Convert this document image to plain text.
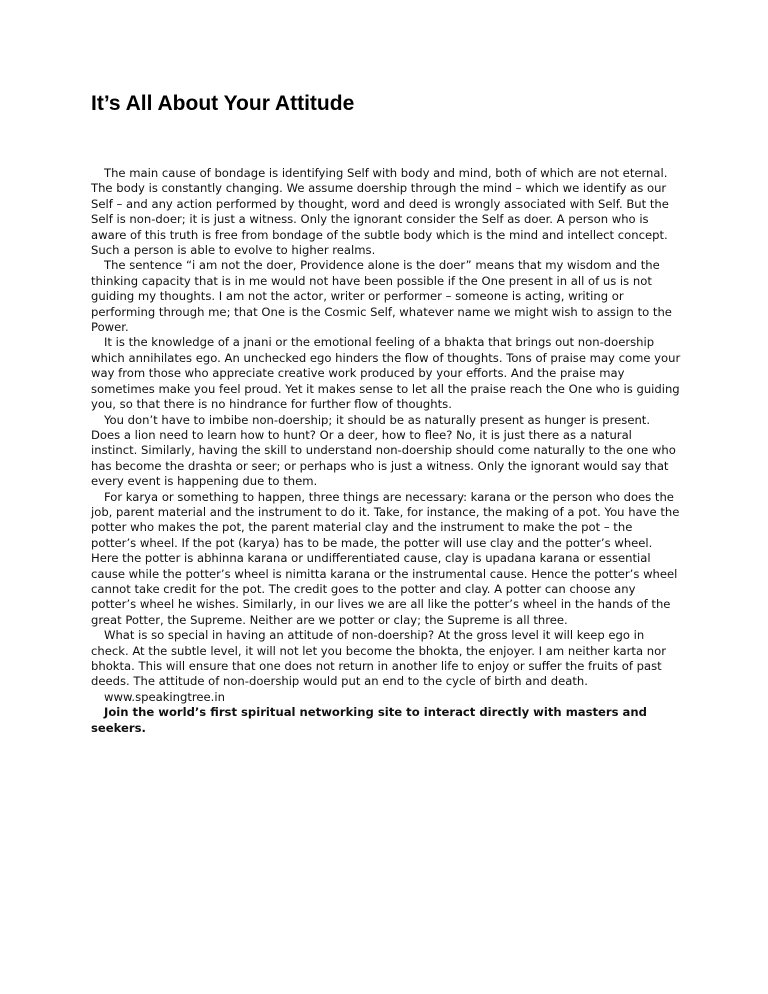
It’s All About Your Attitude

The main cause of bondage is identifying Self with body and mind, both of which are not eternal. The body is constantly changing. We assume doership through the mind – which we identify as our Self – and any action performed by thought, word and deed is wrongly associated with Self. But the Self is non-doer; it is just a witness. Only the ignorant consider the Self as doer. A person who is aware of this truth is free from bondage of the subtle body which is the mind and intellect concept. Such a person is able to evolve to higher realms.

The sentence “i am not the doer, Providence alone is the doer” means that my wisdom and the thinking capacity that is in me would not have been possible if the One present in all of us is not guiding my thoughts. I am not the actor, writer or performer – someone is acting, writing or performing through me; that One is the Cosmic Self, whatever name we might wish to assign to the Power.

It is the knowledge of a jnani or the emotional feeling of a bhakta that brings out non-doership which annihilates ego. An unchecked ego hinders the flow of thoughts. Tons of praise may come your way from those who appreciate creative work produced by your efforts. And the praise may sometimes make you feel proud. Yet it makes sense to let all the praise reach the One who is guiding you, so that there is no hindrance for further flow of thoughts.

You don’t have to imbibe non-doership; it should be as naturally present as hunger is present. Does a lion need to learn how to hunt? Or a deer, how to flee? No, it is just there as a natural instinct. Similarly, having the skill to understand non-doership should come naturally to the one who has become the drashta or seer; or perhaps who is just a witness. Only the ignorant would say that every event is happening due to them.

For karya or something to happen, three things are necessary: karana or the person who does the job, parent material and the instrument to do it. Take, for instance, the making of a pot. You have the potter who makes the pot, the parent material clay and the instrument to make the pot – the potter’s wheel. If the pot (karya) has to be made, the potter will use clay and the potter’s wheel. Here the potter is abhinna karana or undifferentiated cause, clay is upadana karana or essential cause while the potter’s wheel is nimitta karana or the instrumental cause. Hence the potter’s wheel cannot take credit for the pot. The credit goes to the potter and clay. A potter can choose any potter’s wheel he wishes. Similarly, in our lives we are all like the potter’s wheel in the hands of the great Potter, the Supreme. Neither are we potter or clay; the Supreme is all three.

What is so special in having an attitude of non-doership? At the gross level it will keep ego in check. At the subtle level, it will not let you become the bhokta, the enjoyer. I am neither karta nor bhokta. This will ensure that one does not return in another life to enjoy or suffer the fruits of past deeds. The attitude of non-doership would put an end to the cycle of birth and death.

www.speakingtree.in

Join the world’s first spiritual networking site to interact directly with masters and seekers.
